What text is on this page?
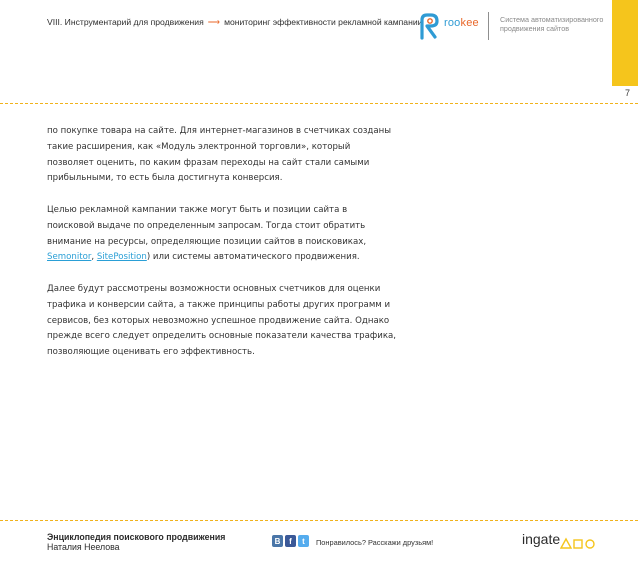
VIII. Инструментарий для продвижения ⟶ мониторинг эффективности рекламной кампании rookee	Система автоматизированного
продвижения сайтов
7

по покупке товара на сайте. Для интернет-магазинов в счетчиках созданы такие расширения, как «Модуль электронной торговли», который позволяет оценить, по каким фразам переходы на сайт стали самыми прибыльными, то есть была достигнута конверсия.

Целью рекламной кампании также могут быть и позиции сайта в поисковой выдаче по определенным запросам. Тогда стоит обратить внимание на ресурсы, определяющие позиции сайтов в поисковиках, Semonitor, SitePosition) или системы автоматического продвижения.

Далее будут рассмотрены возможности основных счетчиков для оценки трафика и конверсии сайта, а также принципы работы других программ и сервисов, без которых невозможно успешное продвижение сайта. Однако прежде всего следует определить основные показатели качества трафика, позволяющие оценивать его эффективность.

Энциклопедия поискового продвижения
Наталия Неелова
B	f	t	Понравилось? Расскажи друзьям!	ingate
